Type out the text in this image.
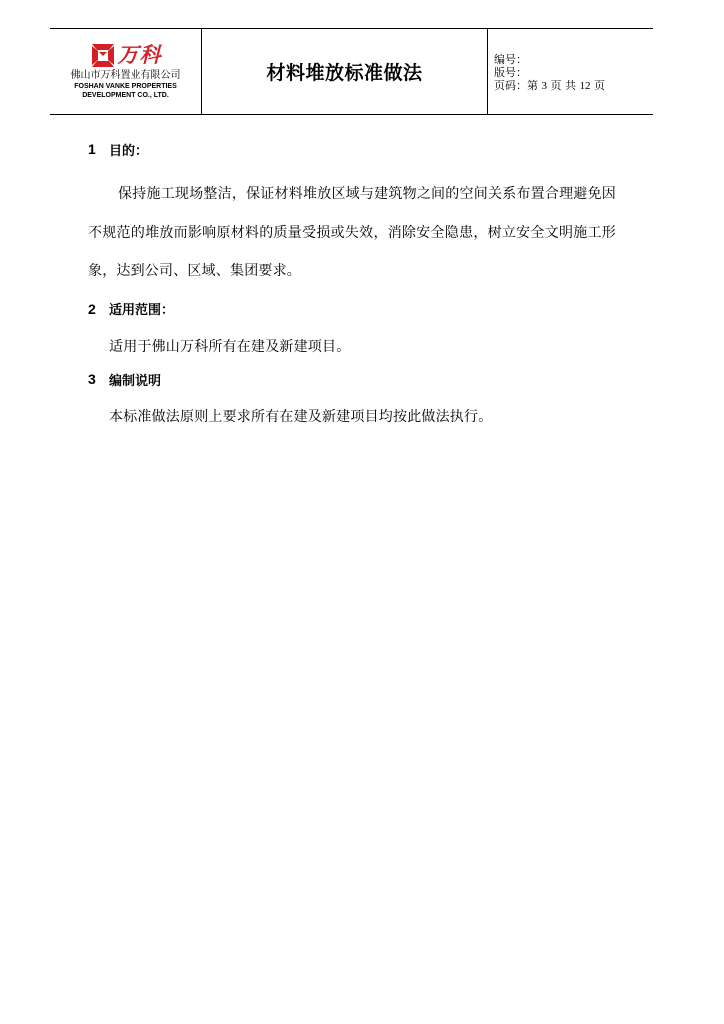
万科
佛山市万科置业有限公司
FOSHAN VANKE PROPERTIES
DEVELOPMENT CO., LTD.
材料堆放标准做法
编号：
版号：
页码：第 3 页 共 12 页
1	目的：

保持施工现场整洁，保证材料堆放区域与建筑物之间的空间关系布置合理避免因不规范的堆放而影响原材料的质量受损或失效，消除安全隐患，树立安全文明施工形象，达到公司、区域、集团要求。

2	适用范围：

适用于佛山万科所有在建及新建项目。

3	编制说明

本标准做法原则上要求所有在建及新建项目均按此做法执行。
